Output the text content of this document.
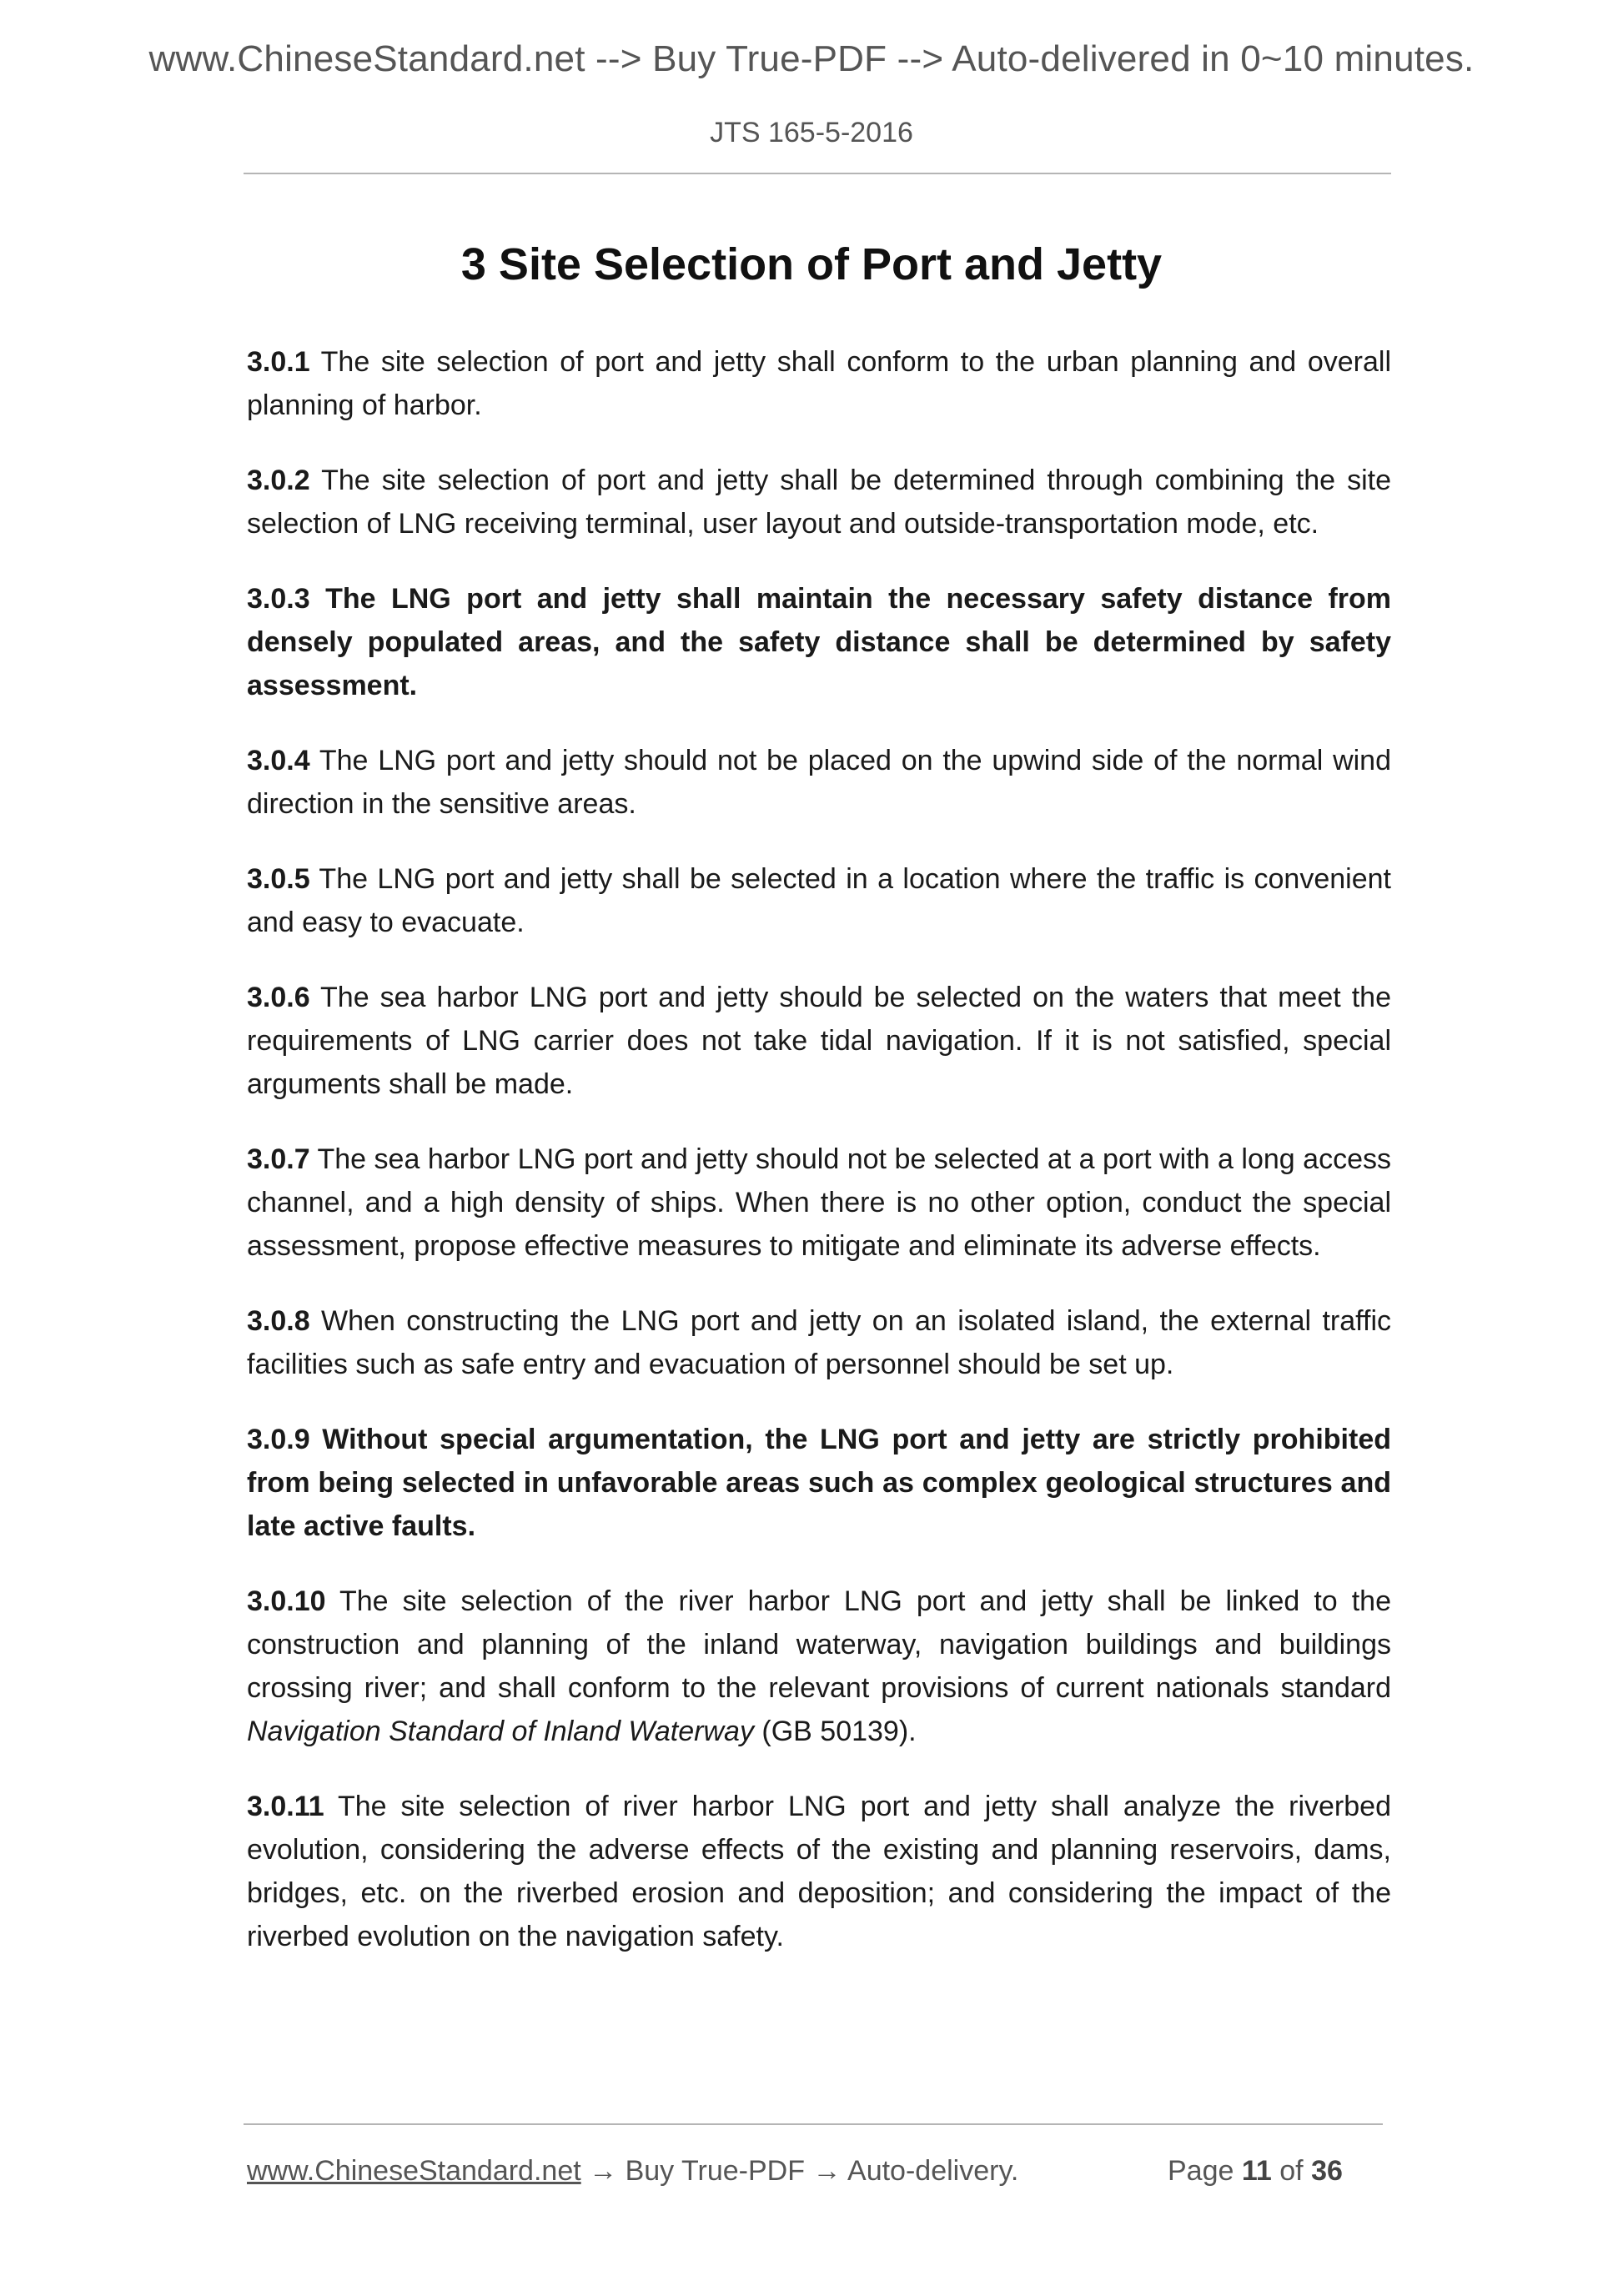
www.ChineseStandard.net --> Buy True-PDF --> Auto-delivered in 0~10 minutes.
JTS 165-5-2016
3 Site Selection of Port and Jetty

3.0.1 The site selection of port and jetty shall conform to the urban planning and overall planning of harbor.

3.0.2 The site selection of port and jetty shall be determined through combining the site selection of LNG receiving terminal, user layout and outside-transportation mode, etc.

3.0.3 The LNG port and jetty shall maintain the necessary safety distance from densely populated areas, and the safety distance shall be determined by safety assessment.

3.0.4 The LNG port and jetty should not be placed on the upwind side of the normal wind direction in the sensitive areas.

3.0.5 The LNG port and jetty shall be selected in a location where the traffic is convenient and easy to evacuate.

3.0.6 The sea harbor LNG port and jetty should be selected on the waters that meet the requirements of LNG carrier does not take tidal navigation. If it is not satisfied, special arguments shall be made.

3.0.7 The sea harbor LNG port and jetty should not be selected at a port with a long access channel, and a high density of ships. When there is no other option, conduct the special assessment, propose effective measures to mitigate and eliminate its adverse effects.

3.0.8 When constructing the LNG port and jetty on an isolated island, the external traffic facilities such as safe entry and evacuation of personnel should be set up.

3.0.9 Without special argumentation, the LNG port and jetty are strictly prohibited from being selected in unfavorable areas such as complex geological structures and late active faults.

3.0.10 The site selection of the river harbor LNG port and jetty shall be linked to the construction and planning of the inland waterway, navigation buildings and buildings crossing river; and shall conform to the relevant provisions of current nationals standard Navigation Standard of Inland Waterway (GB 50139).

3.0.11 The site selection of river harbor LNG port and jetty shall analyze the riverbed evolution, considering the adverse effects of the existing and planning reservoirs, dams, bridges, etc. on the riverbed erosion and deposition; and considering the impact of the riverbed evolution on the navigation safety.

www.ChineseStandard.net → Buy True-PDF → Auto-delivery.	Page 11 of 36
